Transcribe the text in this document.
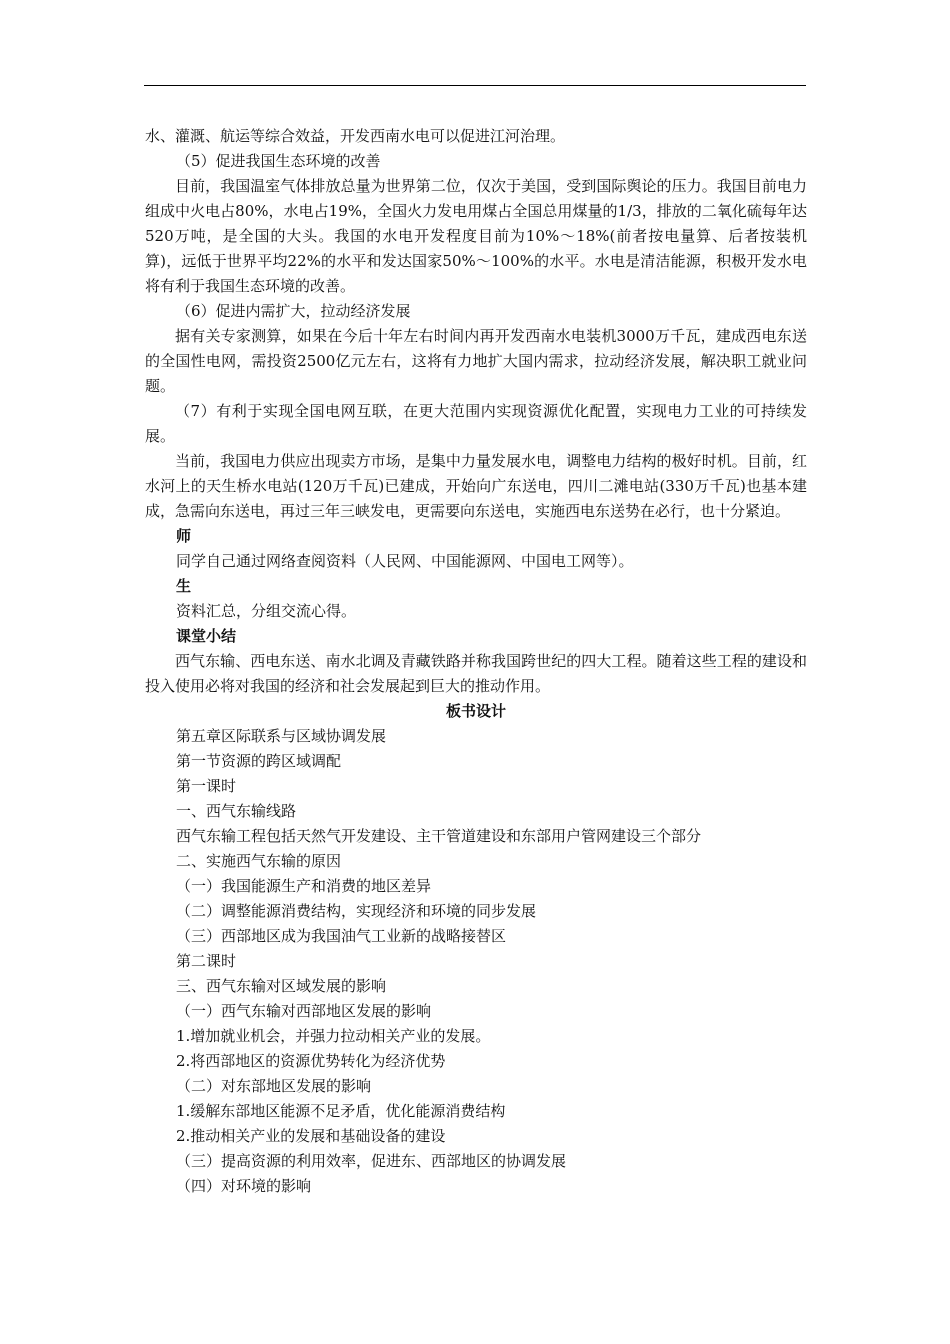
水、灌溉、航运等综合效益，开发西南水电可以促进江河治理。

（5）促进我国生态环境的改善

目前，我国温室气体排放总量为世界第二位，仅次于美国，受到国际舆论的压力。我国目前电力组成中火电占80%，水电占19%，全国火力发电用煤占全国总用煤量的1/3，排放的二氧化硫每年达520万吨，是全国的大头。我国的水电开发程度目前为10%～18%(前者按电量算、后者按装机算)，远低于世界平均22%的水平和发达国家50%～100%的水平。水电是清洁能源，积极开发水电将有利于我国生态环境的改善。

（6）促进内需扩大，拉动经济发展

据有关专家测算，如果在今后十年左右时间内再开发西南水电装机3000万千瓦，建成西电东送的全国性电网，需投资2500亿元左右，这将有力地扩大国内需求，拉动经济发展，解决职工就业问题。

（7）有利于实现全国电网互联，在更大范围内实现资源优化配置，实现电力工业的可持续发展。

当前，我国电力供应出现卖方市场，是集中力量发展水电，调整电力结构的极好时机。目前，红水河上的天生桥水电站(120万千瓦)已建成，开始向广东送电，四川二滩电站(330万千瓦)也基本建成，急需向东送电，再过三年三峡发电，更需要向东送电，实施西电东送势在必行，也十分紧迫。

师

同学自己通过网络查阅资料（人民网、中国能源网、中国电工网等）。

生

资料汇总，分组交流心得。

课堂小结

西气东输、西电东送、南水北调及青藏铁路并称我国跨世纪的四大工程。随着这些工程的建设和投入使用必将对我国的经济和社会发展起到巨大的推动作用。

板书设计

第五章区际联系与区域协调发展

第一节资源的跨区域调配

第一课时

一、西气东输线路

西气东输工程包括天然气开发建设、主干管道建设和东部用户管网建设三个部分

二、实施西气东输的原因

（一）我国能源生产和消费的地区差异

（二）调整能源消费结构，实现经济和环境的同步发展

（三）西部地区成为我国油气工业新的战略接替区

第二课时

三、西气东输对区域发展的影响

（一）西气东输对西部地区发展的影响

1.增加就业机会，并强力拉动相关产业的发展。

2.将西部地区的资源优势转化为经济优势

（二）对东部地区发展的影响

1.缓解东部地区能源不足矛盾，优化能源消费结构

2.推动相关产业的发展和基础设备的建设

（三）提高资源的利用效率，促进东、西部地区的协调发展

（四）对环境的影响
